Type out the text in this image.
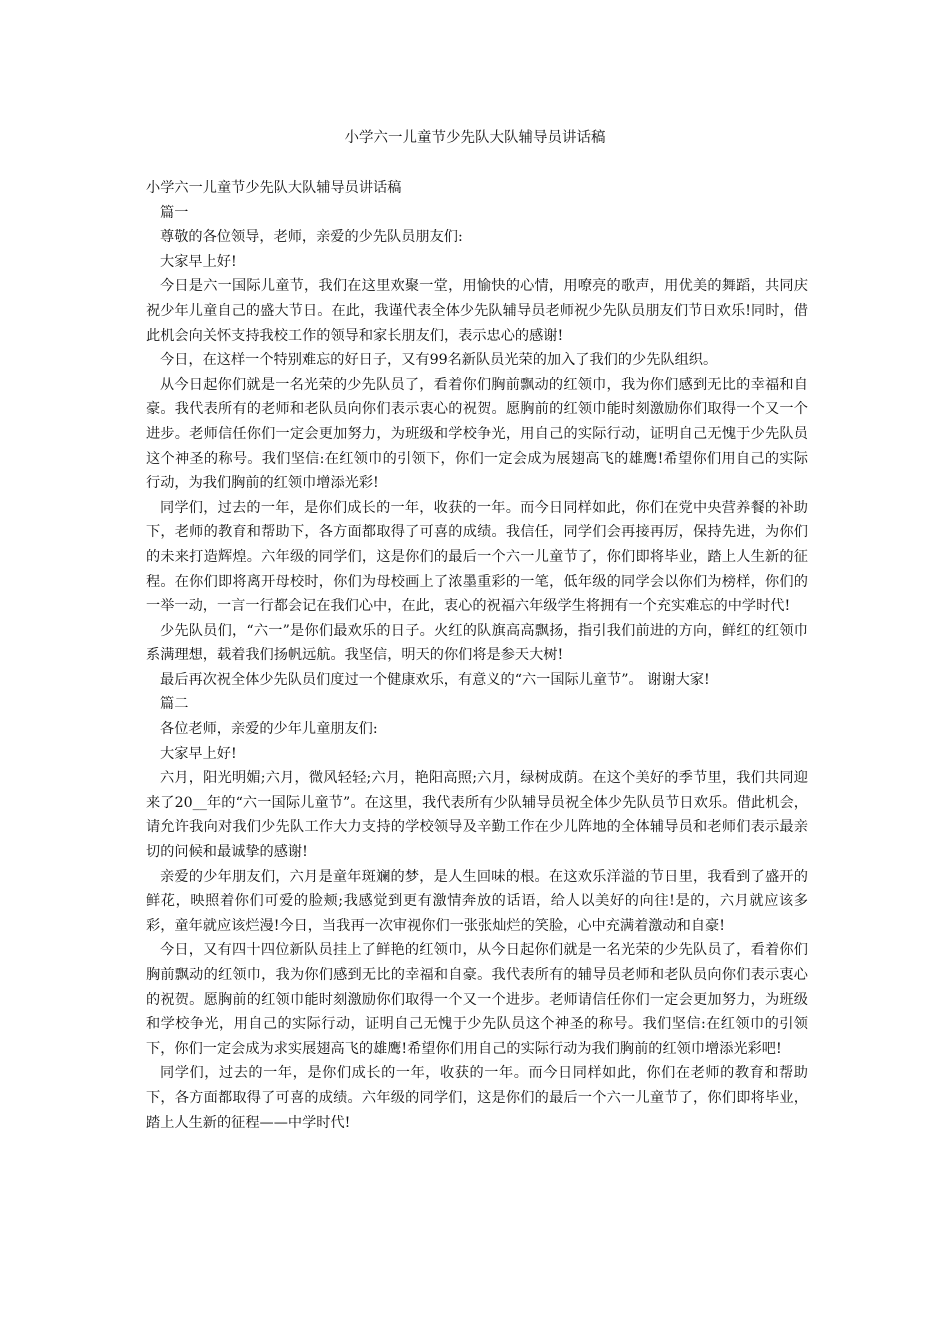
小学六一儿童节少先队大队辅导员讲话稿

小学六一儿童节少先队大队辅导员讲话稿

篇一

尊敬的各位领导，老师，亲爱的少先队员朋友们:

大家早上好!

今日是六一国际儿童节，我们在这里欢聚一堂，用愉快的心情，用嘹亮的歌声，用优美的舞蹈，共同庆祝少年儿童自己的盛大节日。在此，我谨代表全体少先队辅导员老师祝少先队员朋友们节日欢乐!同时，借此机会向关怀支持我校工作的领导和家长朋友们，表示忠心的感谢!

今日，在这样一个特别难忘的好日子，又有99名新队员光荣的加入了我们的少先队组织。

从今日起你们就是一名光荣的少先队员了，看着你们胸前飘动的红领巾，我为你们感到无比的幸福和自豪。我代表所有的老师和老队员向你们表示衷心的祝贺。愿胸前的红领巾能时刻激励你们取得一个又一个进步。老师信任你们一定会更加努力，为班级和学校争光，用自己的实际行动，证明自己无愧于少先队员这个神圣的称号。我们坚信:在红领巾的引领下，你们一定会成为展翅高飞的雄鹰!希望你们用自己的实际行动，为我们胸前的红领巾增添光彩!

同学们，过去的一年，是你们成长的一年，收获的一年。而今日同样如此，你们在党中央营养餐的补助下，老师的教育和帮助下，各方面都取得了可喜的成绩。我信任，同学们会再接再厉，保持先进，为你们的未来打造辉煌。六年级的同学们，这是你们的最后一个六一儿童节了，你们即将毕业，踏上人生新的征程。在你们即将离开母校时，你们为母校画上了浓墨重彩的一笔，低年级的同学会以你们为榜样，你们的一举一动，一言一行都会记在我们心中，在此，衷心的祝福六年级学生将拥有一个充实难忘的中学时代!

少先队员们，“六一”是你们最欢乐的日子。火红的队旗高高飘扬，指引我们前进的方向，鲜红的红领巾系满理想，载着我们扬帆远航。我坚信，明天的你们将是参天大树!

最后再次祝全体少先队员们度过一个健康欢乐，有意义的“六一国际儿童节”。 谢谢大家!

篇二

各位老师，亲爱的少年儿童朋友们:

大家早上好!

六月，阳光明媚;六月，微风轻轻;六月，艳阳高照;六月，绿树成荫。在这个美好的季节里，我们共同迎来了20__年的“六一国际儿童节”。在这里，我代表所有少队辅导员祝全体少先队员节日欢乐。借此机会，请允许我向对我们少先队工作大力支持的学校领导及辛勤工作在少儿阵地的全体辅导员和老师们表示最亲切的问候和最诚挚的感谢!

亲爱的少年朋友们，六月是童年斑斓的梦，是人生回味的根。在这欢乐洋溢的节日里，我看到了盛开的鲜花，映照着你们可爱的脸颊;我感觉到更有激情奔放的话语，给人以美好的向往!是的，六月就应该多彩，童年就应该烂漫!今日，当我再一次审视你们一张张灿烂的笑脸，心中充满着激动和自豪!

今日，又有四十四位新队员挂上了鲜艳的红领巾，从今日起你们就是一名光荣的少先队员了，看着你们胸前飘动的红领巾，我为你们感到无比的幸福和自豪。我代表所有的辅导员老师和老队员向你们表示衷心的祝贺。愿胸前的红领巾能时刻激励你们取得一个又一个进步。老师请信任你们一定会更加努力，为班级和学校争光，用自己的实际行动，证明自己无愧于少先队员这个神圣的称号。我们坚信:在红领巾的引领下，你们一定会成为求实展翅高飞的雄鹰!希望你们用自己的实际行动为我们胸前的红领巾增添光彩吧!

同学们，过去的一年，是你们成长的一年，收获的一年。而今日同样如此，你们在老师的教育和帮助下，各方面都取得了可喜的成绩。六年级的同学们，这是你们的最后一个六一儿童节了，你们即将毕业，踏上人生新的征程——中学时代!
